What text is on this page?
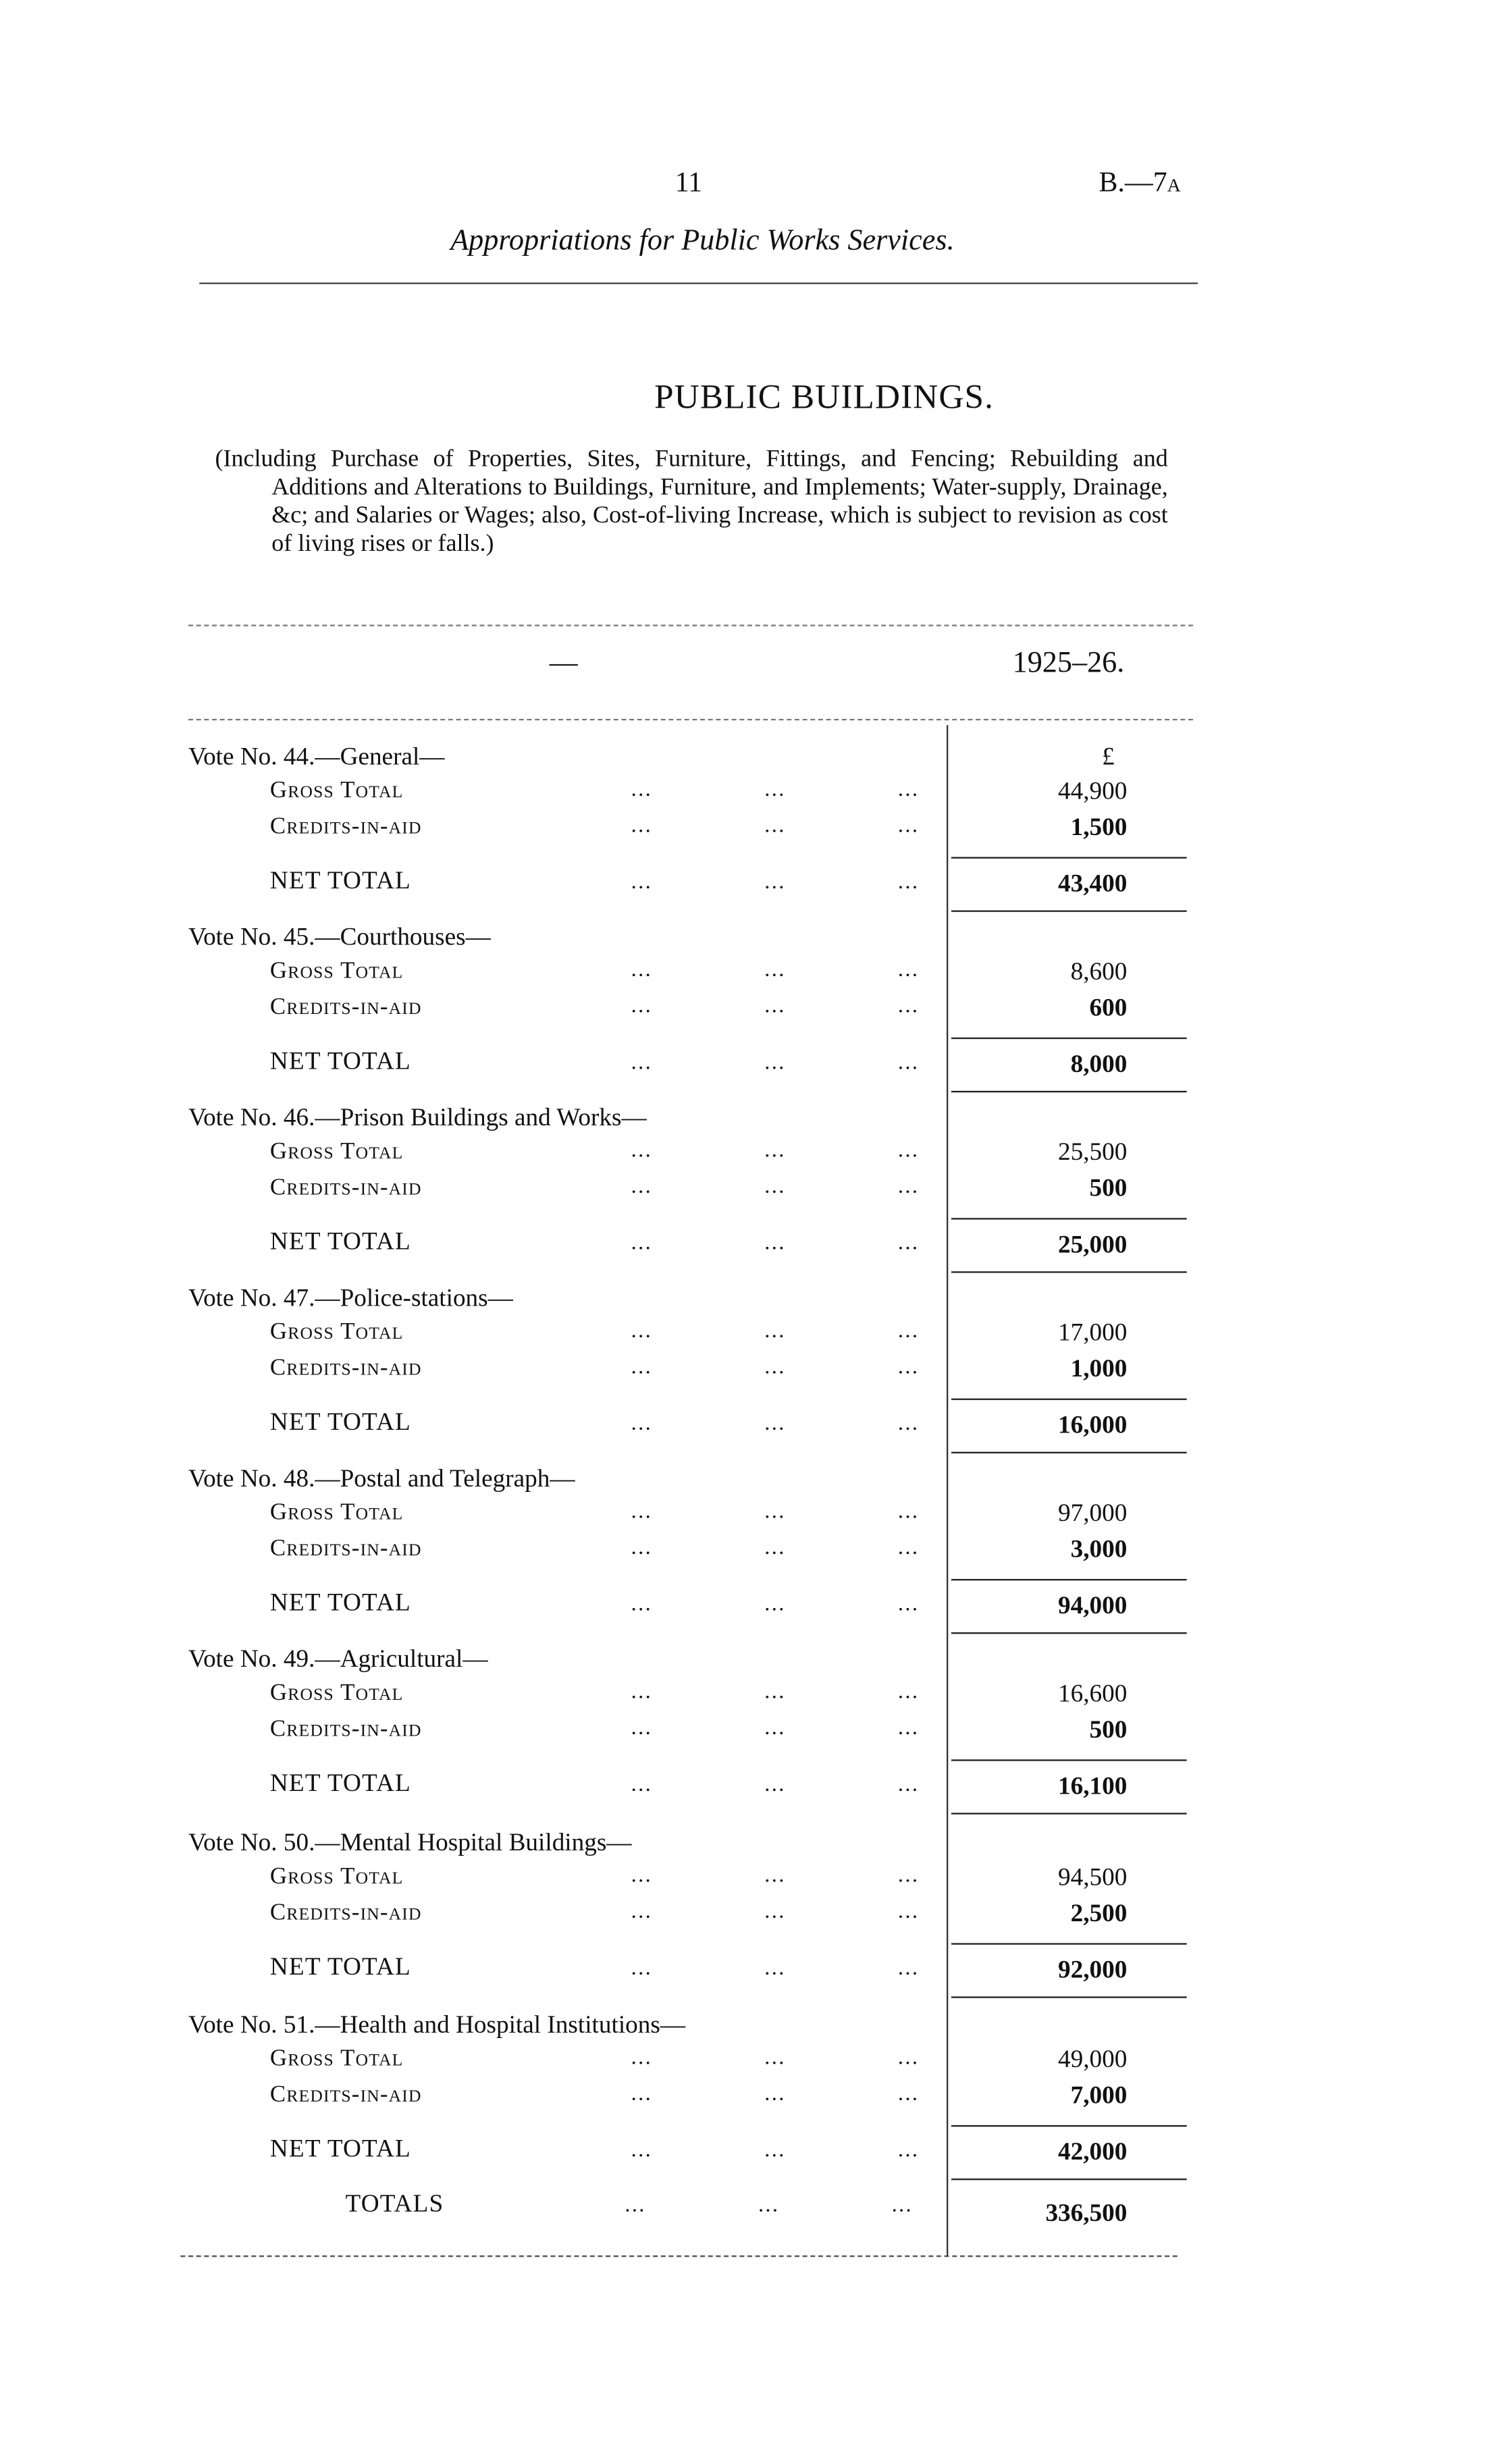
11	B.—7A
Appropriations for Public Works Services.
PUBLIC BUILDINGS.

(Including Purchase of Properties, Sites, Furniture, Fittings, and Fencing; Rebuilding and Additions and Alterations to Buildings, Furniture, and Implements; Water-supply, Drainage, &c; and Salaries or Wages; also, Cost-of-living Increase, which is subject to revision as cost of living rises or falls.)

—	1925–26.
Vote No. 44.—General—	£
Gross Total	...	...	...	44,900
Credits-in-aid	...	...	...	1,500
NET TOTAL	...	...	...	43,400
Vote No. 45.—Courthouses—
Gross Total	...	...	...	8,600
Credits-in-aid	...	...	...	600
NET TOTAL	...	...	...	8,000
Vote No. 46.—Prison Buildings and Works—
Gross Total	...	...	...	25,500
Credits-in-aid	...	...	...	500
NET TOTAL	...	...	...	25,000
Vote No. 47.—Police-stations—
Gross Total	...	...	...	17,000
Credits-in-aid	...	...	...	1,000
NET TOTAL	...	...	...	16,000
Vote No. 48.—Postal and Telegraph—
Gross Total	...	...	...	97,000
Credits-in-aid	...	...	...	3,000
NET TOTAL	...	...	...	94,000
Vote No. 49.—Agricultural—
Gross Total	...	...	...	16,600
Credits-in-aid	...	...	...	500
NET TOTAL	...	...	...	16,100
Vote No. 50.—Mental Hospital Buildings—
Gross Total	...	...	...	94,500
Credits-in-aid	...	...	...	2,500
NET TOTAL	...	...	...	92,000
Vote No. 51.—Health and Hospital Institutions—
Gross Total	...	...	...	49,000
Credits-in-aid	...	...	...	7,000
NET TOTAL	...	...	...	42,000
TOTALS	...	...	...	336,500
